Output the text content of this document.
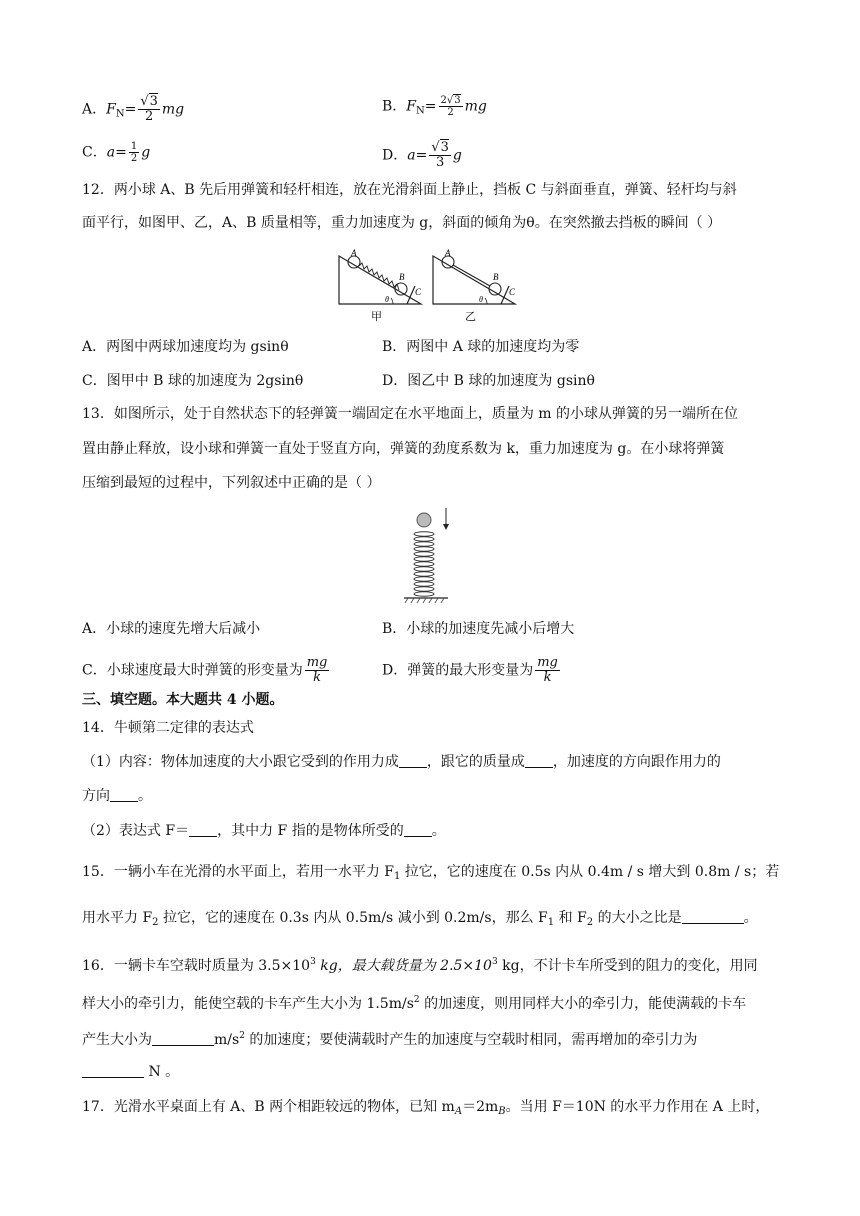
A．$F_N= \frac{√3}{2}$ mg	B．$F_N= \frac{2√3}{2}$ mg
C．$a= \frac{1}{2}$ g	D．$a= \frac{√3}{3}$ g
12．两小球 A、B 先后用弹簧和轻杆相连，放在光滑斜面上静止，挡板 C 与斜面垂直，弹簧、轻杆均与斜
面平行，如图甲、乙，A、B 质量相等，重力加速度为 g，斜面的倾角为θ。在突然撤去挡板的瞬间（ ）
A
B
C
θ
甲
A
B
C
θ
乙
A．两图中两球加速度均为 gsinθ	B．两图中 A 球的加速度均为零
C．图甲中 B 球的加速度为 2gsinθ	D．图乙中 B 球的加速度为 gsinθ
13．如图所示，处于自然状态下的轻弹簧一端固定在水平地面上，质量为 m 的小球从弹簧的另一端所在位
置由静止释放，设小球和弹簧一直处于竖直方向，弹簧的劲度系数为 k，重力加速度为 g。在小球将弹簧
压缩到最短的过程中，下列叙述中正确的是（ ）
A．小球的速度先增大后减小	B．小球的加速度先减小后增大
C．小球速度最大时弹簧的形变量为 $\frac{mg}{k}$	D．弹簧的最大形变量为 $\frac{mg}{k}$
三、填空题。本大题共 4 小题。
14．牛顿第二定律的表达式
（1）内容：物体加速度的大小跟它受到的作用力成 ，跟它的质量成 ，加速度的方向跟作用力的
方向 。
（2）表达式 F＝ ，其中力 F 指的是物体所受的 。
15．一辆小车在光滑的水平面上，若用一水平力 $F_1$ 拉它，它的速度在 0.5s 内从 0.4m / s 增大到 0.8m / s；若
用水平力 $F_2$ 拉它，它的速度在 0.3s 内从 0.5m/s 减小到 0.2m/s，那么 $F_1$ 和 $F_2$ 的大小之比是	。
16．一辆卡车空载时质量为 $3.5\times 10^3$ kg，最大载货量为 $2.5\times 10^3$ kg，不计卡车所受到的阻力的变化，用同
样大小的牵引力，能使空载的卡车产生大小为 $1.5m/s^2$ 的加速度，则用同样大小的牵引力，能使满载的卡车
产生大小为	$m/s^2$ 的加速度；要使满载时产生的加速度与空载时相同，需再增加的牵引力为
N 。
17．光滑水平桌面上有 A、B 两个相距较远的物体，已知 $m_A=2m_B$。当用 F＝10N 的水平力作用在 A 上时，
